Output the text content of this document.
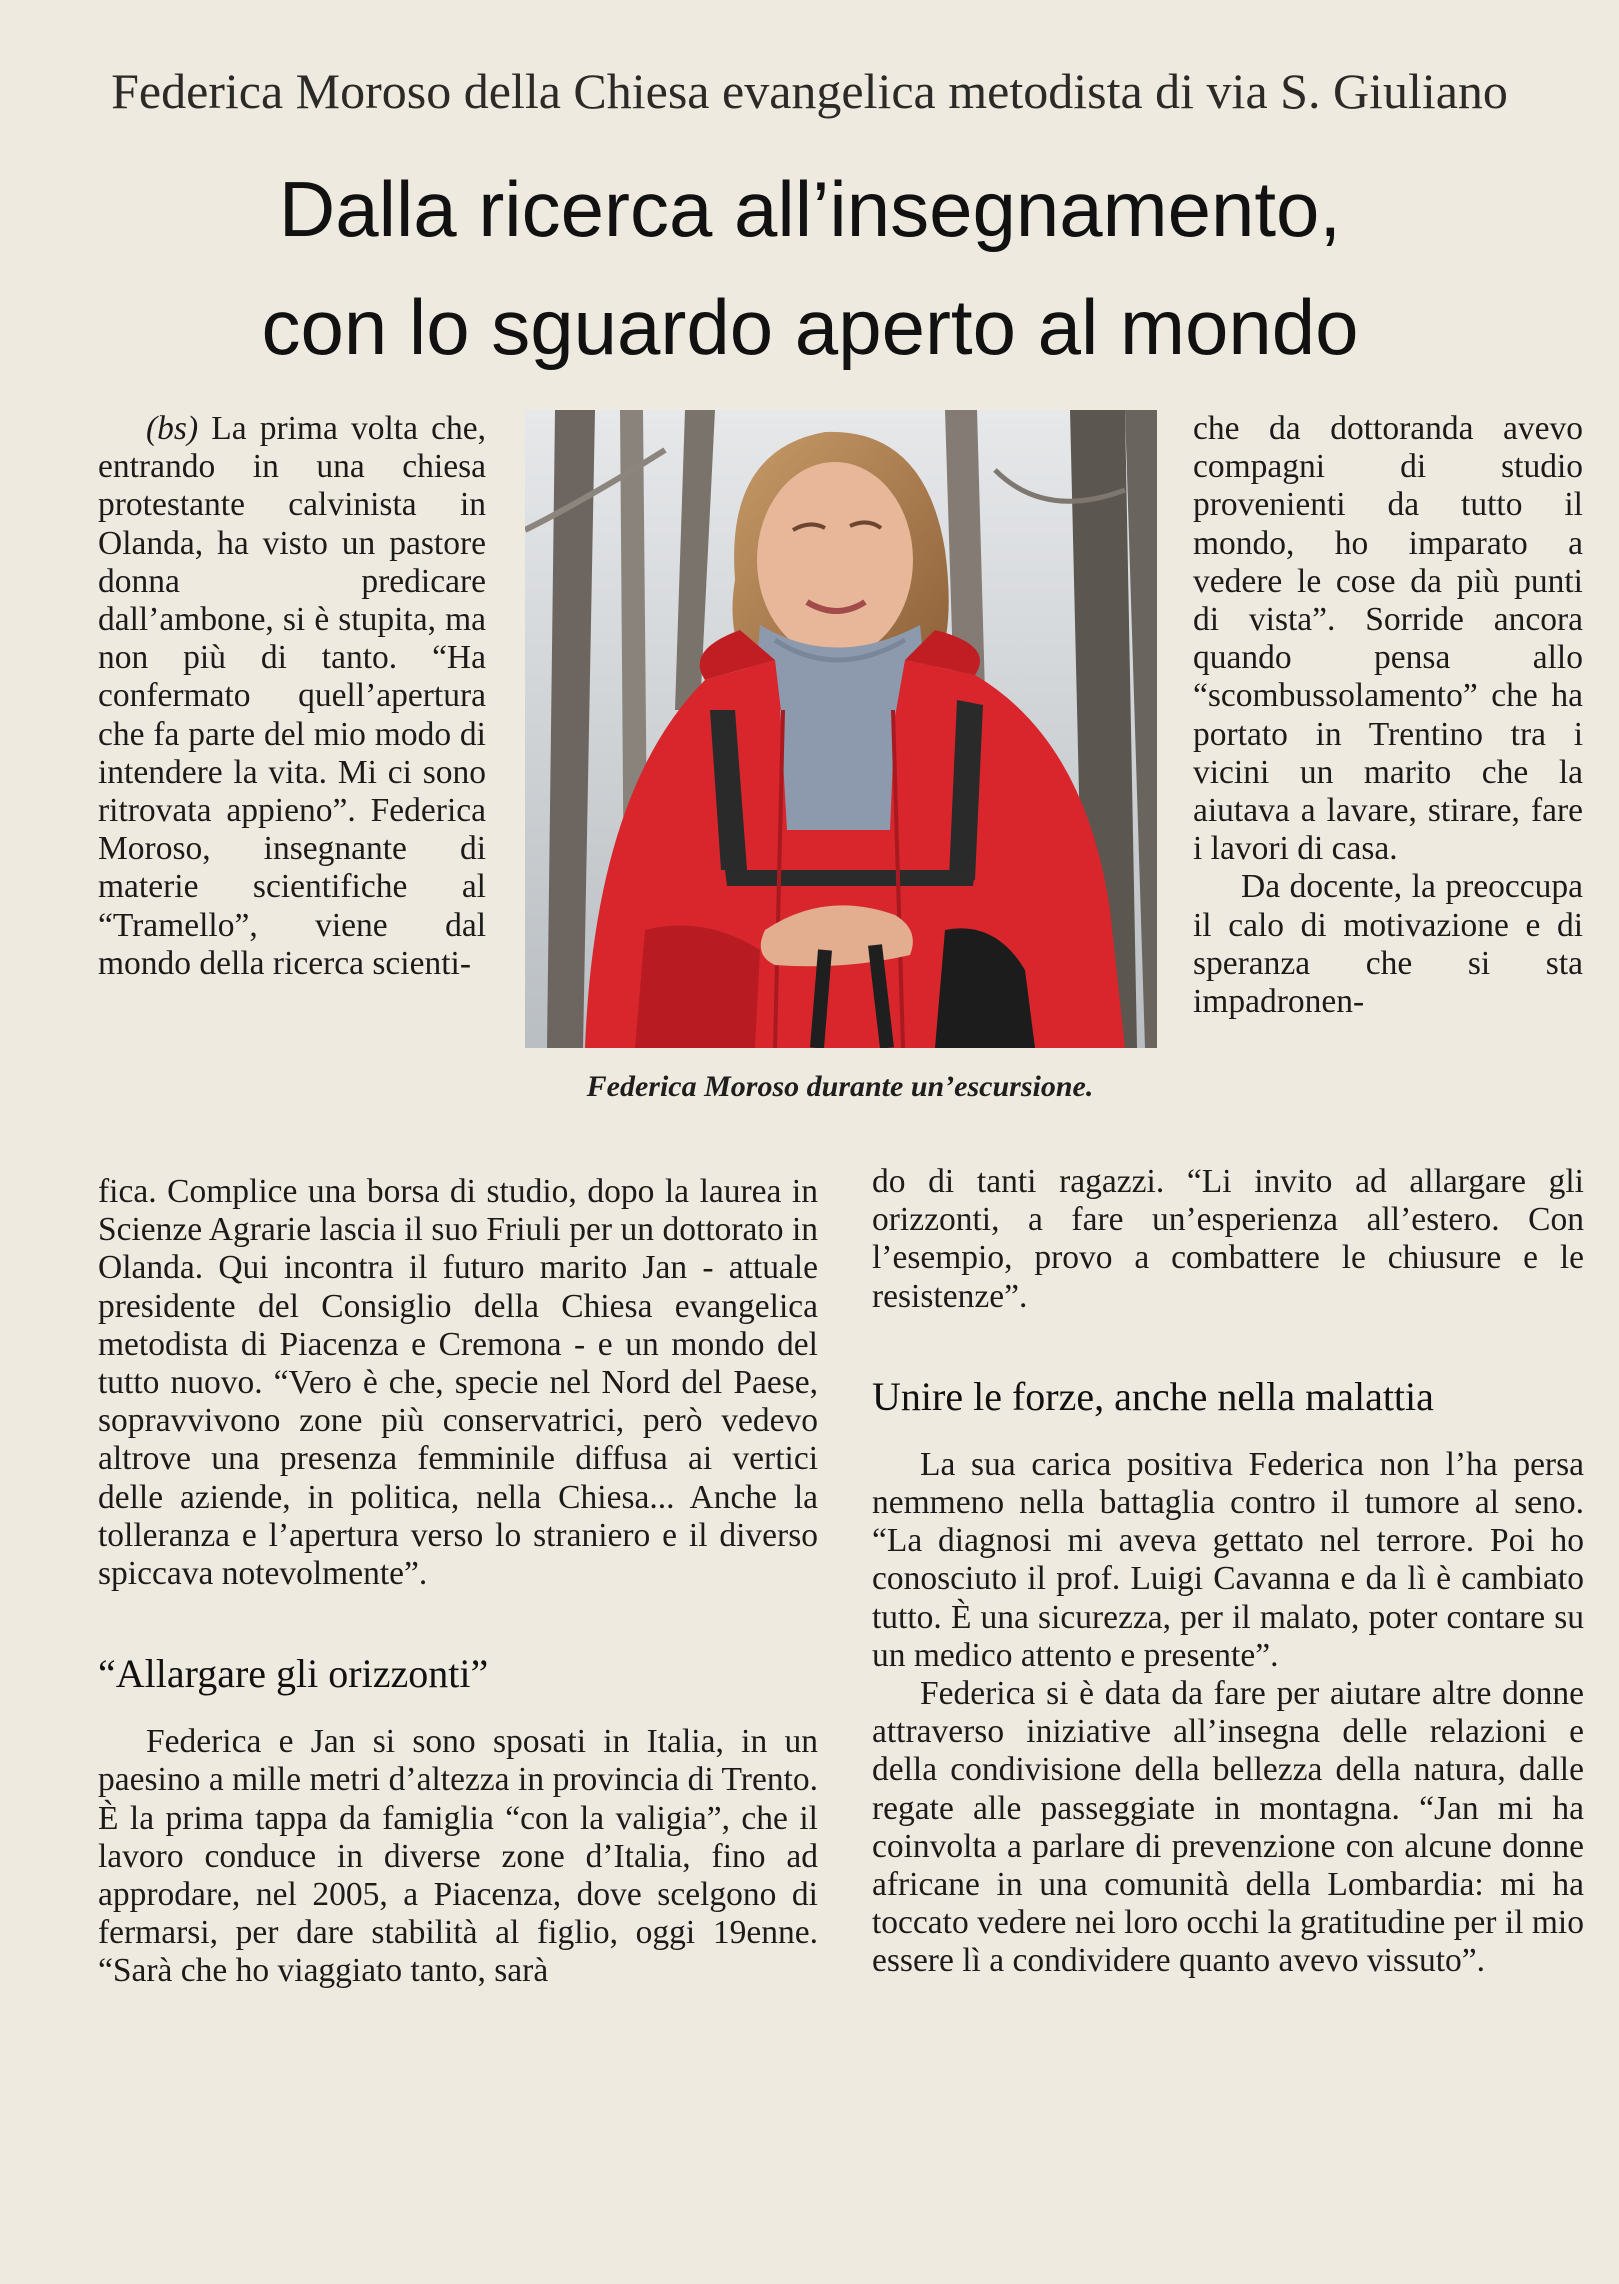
Federica Moroso della Chiesa evangelica metodista di via S. Giuliano
Dalla ricerca all’insegnamento,
con lo sguardo aperto al mondo

(bs) La prima volta che, entrando in una chiesa protestante calvinista in Olanda, ha visto un pastore donna predicare dall’ambone, si è stupita, ma non più di tanto. “Ha confermato quell’apertura che fa parte del mio modo di intendere la vita. Mi ci sono ritrovata appieno”. Federica Moroso, insegnante di materie scientifiche al “Tramello”, viene dal mondo della ricerca scienti-

Federica Moroso durante un’escursione.

che da dottoranda avevo compagni di studio provenienti da tutto il mondo, ho imparato a vedere le cose da più punti di vista”. Sorride ancora quando pensa allo “scombussolamento” che ha portato in Trentino tra i vicini un marito che la aiutava a lavare, stirare, fare i lavori di casa.

Da docente, la preoccupa il calo di motivazione e di speranza che si sta impadronen-

fica. Complice una borsa di studio, dopo la laurea in Scienze Agrarie lascia il suo Friuli per un dottorato in Olanda. Qui incontra il futuro marito Jan - attuale presidente del Consiglio della Chiesa evangelica metodista di Piacenza e Cremona - e un mondo del tutto nuovo. “Vero è che, specie nel Nord del Paese, sopravvivono zone più conservatrici, però vedevo altrove una presenza femminile diffusa ai vertici delle aziende, in politica, nella Chiesa... Anche la tolleranza e l’apertura verso lo straniero e il diverso spiccava notevolmente”.

“Allargare gli orizzonti”

Federica e Jan si sono sposati in Italia, in un paesino a mille metri d’altezza in provincia di Trento. È la prima tappa da famiglia “con la valigia”, che il lavoro conduce in diverse zone d’Italia, fino ad approdare, nel 2005, a Piacenza, dove scelgono di fermarsi, per dare stabilità al figlio, oggi 19enne. “Sarà che ho viaggiato tanto, sarà

do di tanti ragazzi. “Li invito ad allargare gli orizzonti, a fare un’esperienza all’estero. Con l’esempio, provo a combattere le chiusure e le resistenze”.

Unire le forze, anche nella malattia

La sua carica positiva Federica non l’ha persa nemmeno nella battaglia contro il tumore al seno. “La diagnosi mi aveva gettato nel terrore. Poi ho conosciuto il prof. Luigi Cavanna e da lì è cambiato tutto. È una sicurezza, per il malato, poter contare su un medico attento e presente”.

Federica si è data da fare per aiutare altre donne attraverso iniziative all’insegna delle relazioni e della condivisione della bellezza della natura, dalle regate alle passeggiate in montagna. “Jan mi ha coinvolta a parlare di prevenzione con alcune donne africane in una comunità della Lombardia: mi ha toccato vedere nei loro occhi la gratitudine per il mio essere lì a condividere quanto avevo vissuto”.
